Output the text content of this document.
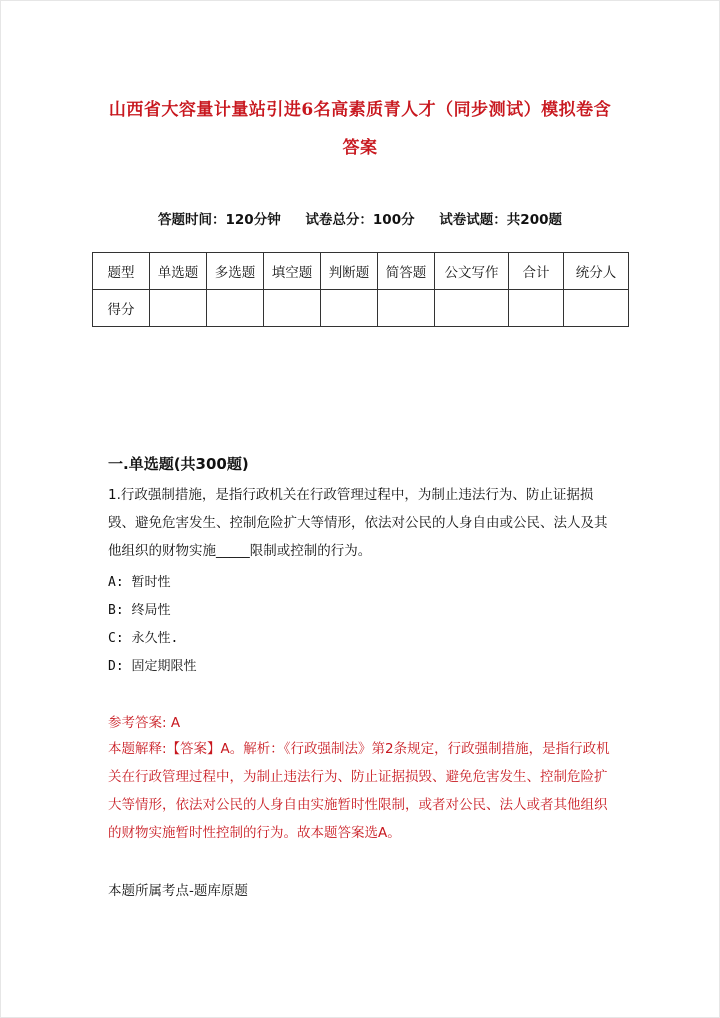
山西省大容量计量站引进6名高素质青人才（同步测试）模拟卷含
答案
答题时间：120分钟 试卷总分：100分 试卷试题：共200题
题型	单选题	多选题	填空题	判断题	简答题	公文写作	合计	统分人
得分								
一.单选题(共300题)
1.行政强制措施，是指行政机关在行政管理过程中，为制止违法行为、防止证据损毁、避免危害发生、控制危险扩大等情形，依法对公民的人身自由或公民、法人及其他组织的财物实施_____限制或控制的行为。
A: 暂时性
B: 终局性
C: 永久性.
D: 固定期限性
参考答案: A
本题解释:【答案】A。解析：《行政强制法》第2条规定，行政强制措施，是指行政机关在行政管理过程中，为制止违法行为、防止证据损毁、避免危害发生、控制危险扩大等情形，依法对公民的人身自由实施暂时性限制，或者对公民、法人或者其他组织的财物实施暂时性控制的行为。故本题答案选A。
本题所属考点-题库原题
